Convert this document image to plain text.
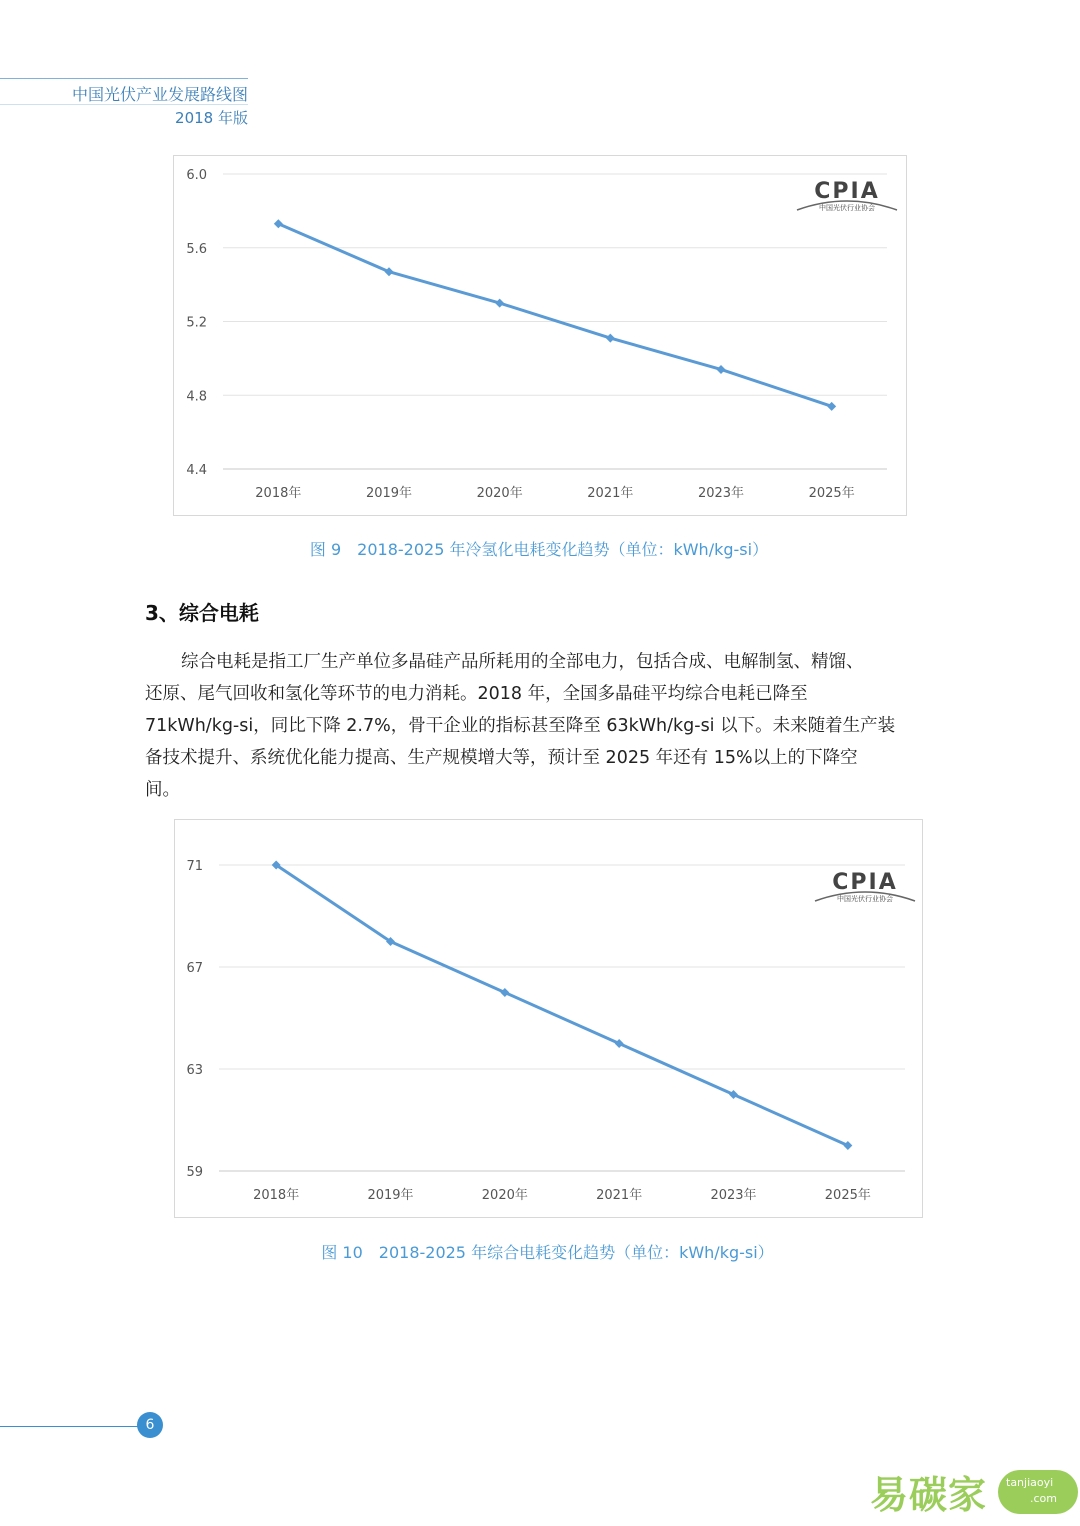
中国光伏产业发展路线图
2018 年版
6.0
5.6
5.2
4.8
4.4
2018年	2019年	2020年	2021年	2023年	2025年
CPIA
中国光伏行业协会
图 9　2018-2025 年冷氢化电耗变化趋势（单位：kWh/kg-si）
3、综合电耗
综合电耗是指工厂生产单位多晶硅产品所耗用的全部电力，包括合成、电解制氢、精馏、
还原、尾气回收和氢化等环节的电力消耗。2018 年，全国多晶硅平均综合电耗已降至
71kWh/kg-si，同比下降 2.7%，骨干企业的指标甚至降至 63kWh/kg-si 以下。未来随着生产装
备技术提升、系统优化能力提高、生产规模增大等，预计至 2025 年还有 15%以上的下降空
间。
71
67
63
59
2018年	2019年	2020年	2021年	2023年	2025年
CPIA
中国光伏行业协会
图 10　2018-2025 年综合电耗变化趋势（单位：kWh/kg-si）
6
易碳家 tanjiaoyi
.com
